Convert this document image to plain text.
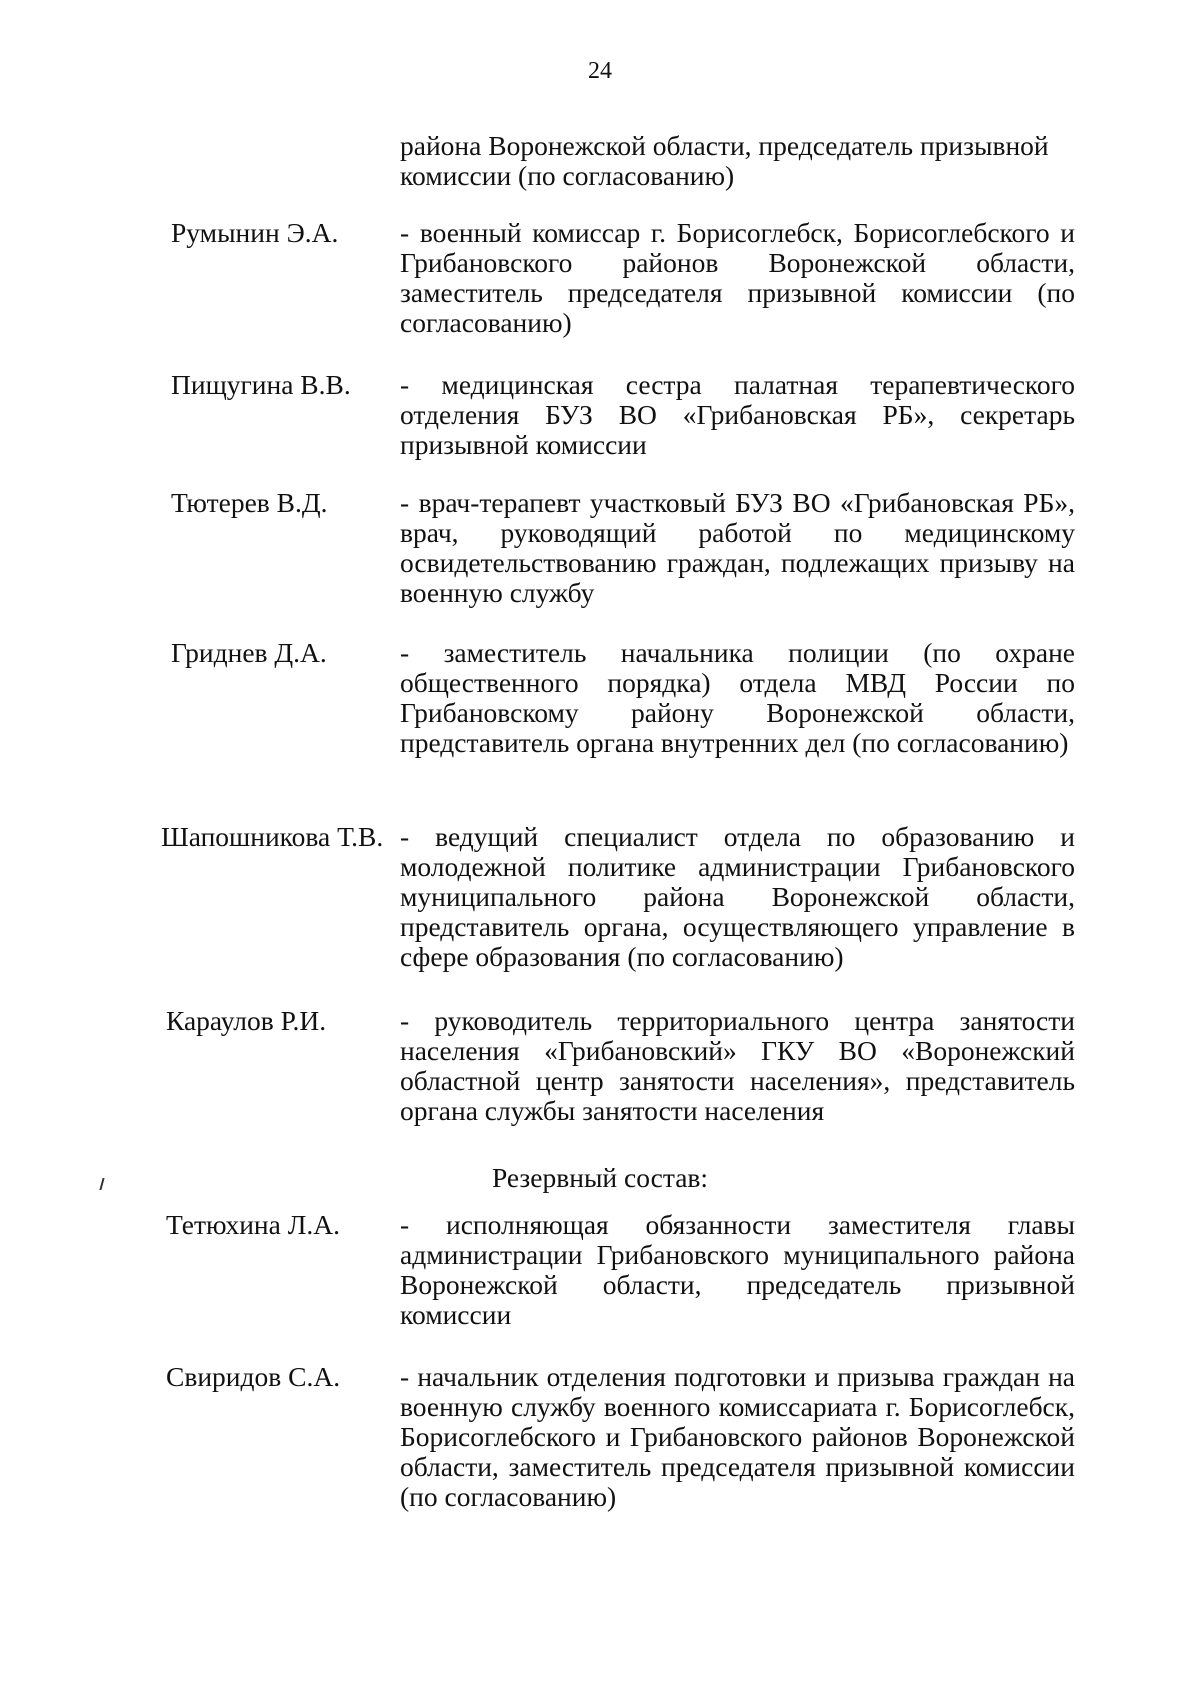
24
района Воронежской области, председатель призывной комиссии (по согласованию)
Румынин Э.А. - военный комиссар г. Борисоглебск, Борисоглебского и Грибановского районов Воронежской области, заместитель председателя призывной комиссии (по согласованию)
Пищугина В.В. - медицинская сестра палатная терапевтического отделения БУЗ ВО «Грибановская РБ», секретарь призывной комиссии
Тютерев В.Д.	- врач-терапевт участковый БУЗ ВО «Грибановская РБ», врач, руководящий работой по медицинскому освидетельствованию граждан, подлежащих призыву на военную службу
Гриднев Д.А.	- заместитель начальника полиции (по охране общественного порядка) отдела МВД России по Грибановскому району Воронежской области, представитель органа внутренних дел (по согласованию)
Шапошникова Т.В. - ведущий специалист отдела по образованию и молодежной политике администрации Грибановского муниципального района Воронежской области, представитель органа, осуществляющего управление в сфере образования (по согласованию)
Караулов Р.И.	- руководитель территориального центра занятости населения «Грибановский» ГКУ ВО «Воронежский областной центр занятости населения», представитель органа службы занятости населения
Резервный состав:
Тетюхина Л.А. - исполняющая обязанности заместителя главы администрации Грибановского муниципального района Воронежской области, председатель призывной комиссии
Свиридов С.А. - начальник отделения подготовки и призыва граждан на военную службу военного комиссариата г. Борисоглебск, Борисоглебского и Грибановского районов Воронежской области, заместитель председателя призывной комиссии (по согласованию)
